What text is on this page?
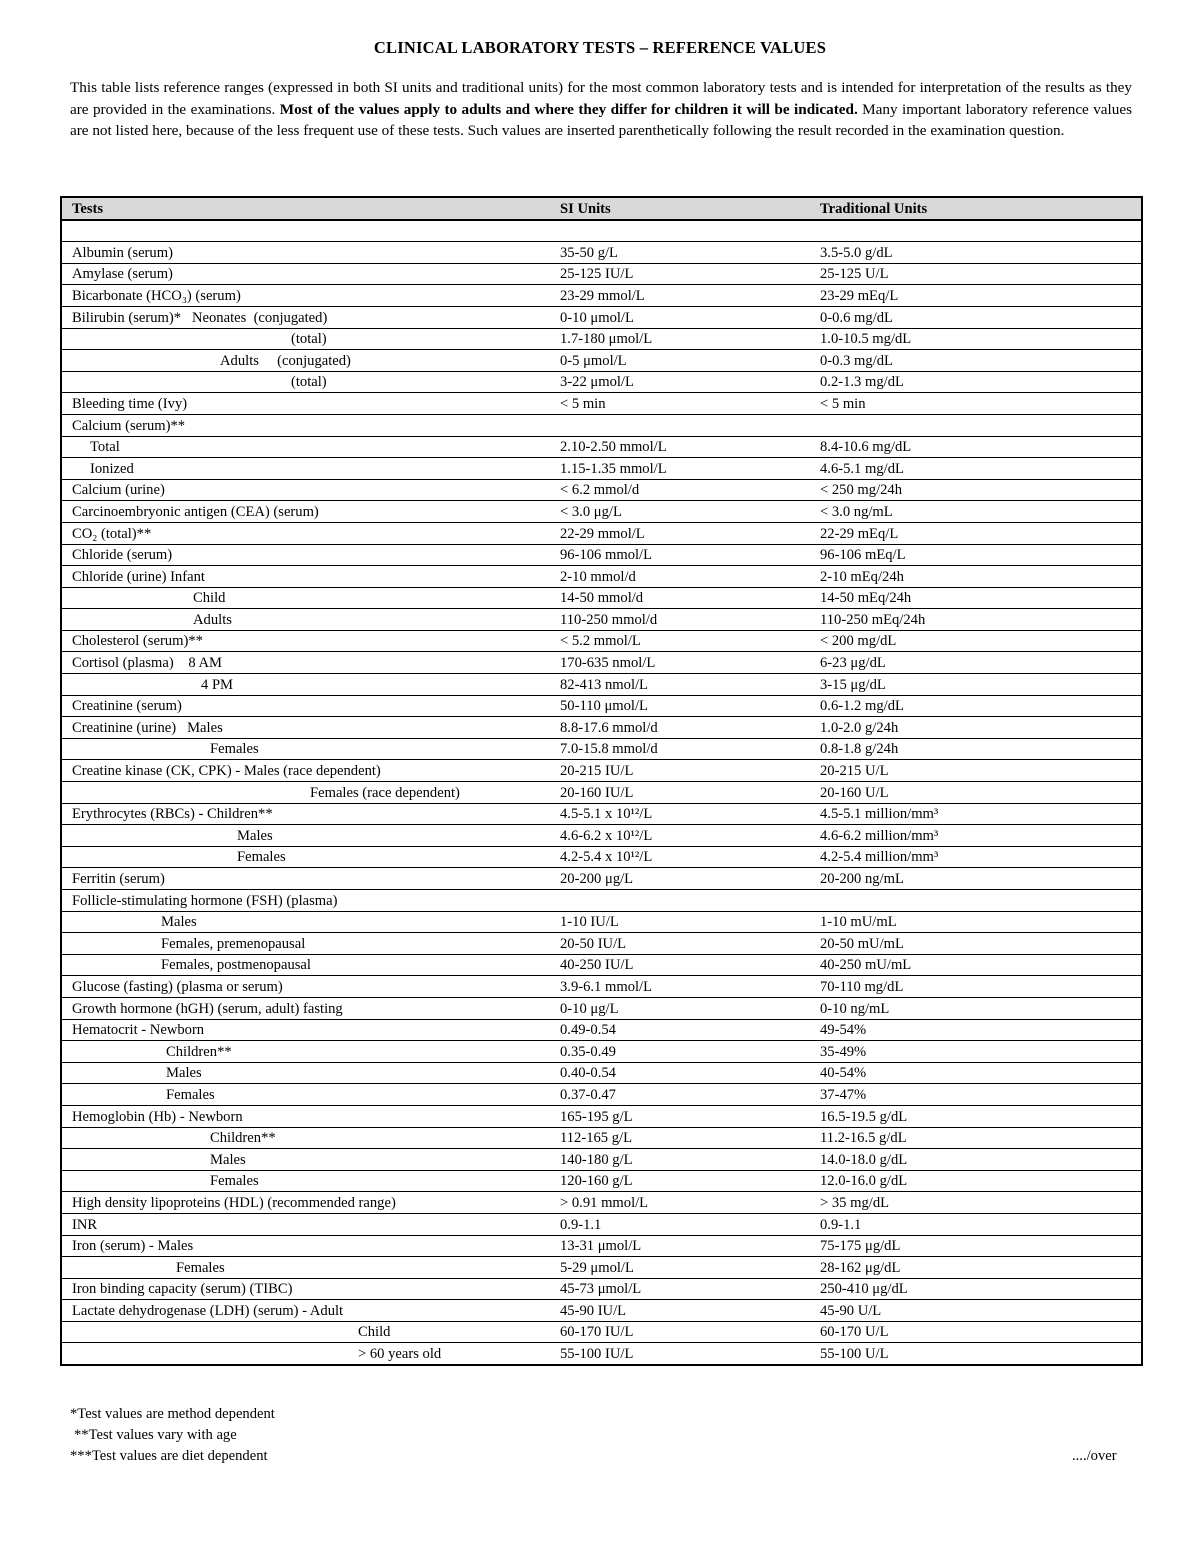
CLINICAL LABORATORY TESTS – REFERENCE VALUES

This table lists reference ranges (expressed in both SI units and traditional units) for the most common laboratory tests and is intended for interpretation of the results as they are provided in the examinations. Most of the values apply to adults and where they differ for children it will be indicated. Many important laboratory reference values are not listed here, because of the less frequent use of these tests. Such values are inserted parenthetically following the result recorded in the examination question.

Tests	SI Units	Traditional Units

Albumin (serum)	35-50 g/L	3.5-5.0 g/dL
Amylase (serum)	25-125 IU/L	25-125 U/L
Bicarbonate (HCO₃) (serum)	23-29 mmol/L	23-29 mEq/L
Bilirubin (serum)*   Neonates  (conjugated)	0-10 μmol/L	0-0.6 mg/dL
(total)	1.7-180 μmol/L	1.0-10.5 mg/dL
Adults     (conjugated)	0-5 μmol/L	0-0.3 mg/dL
(total)	3-22 μmol/L	0.2-1.3 mg/dL
Bleeding time (Ivy)	< 5 min	< 5 min
Calcium (serum)**		
Total	2.10-2.50 mmol/L	8.4-10.6 mg/dL
Ionized	1.15-1.35 mmol/L	4.6-5.1 mg/dL
Calcium (urine)	< 6.2 mmol/d	< 250 mg/24h
Carcinoembryonic antigen (CEA) (serum)	< 3.0 μg/L	< 3.0 ng/mL
CO₂ (total)**	22-29 mmol/L	22-29 mEq/L
Chloride (serum)	96-106 mmol/L	96-106 mEq/L
Chloride (urine) Infant	2-10 mmol/d	2-10 mEq/24h
Child	14-50 mmol/d	14-50 mEq/24h
Adults	110-250 mmol/d	110-250 mEq/24h
Cholesterol (serum)**	< 5.2 mmol/L	< 200 mg/dL
Cortisol (plasma)    8 AM	170-635 nmol/L	6-23 μg/dL
4 PM	82-413 nmol/L	3-15 μg/dL
Creatinine (serum)	50-110 μmol/L	0.6-1.2 mg/dL
Creatinine (urine)   Males	8.8-17.6 mmol/d	1.0-2.0 g/24h
Females	7.0-15.8 mmol/d	0.8-1.8 g/24h
Creatine kinase (CK, CPK) - Males (race dependent)	20-215 IU/L	20-215 U/L
Females (race dependent)	20-160 IU/L	20-160 U/L
Erythrocytes (RBCs) - Children**	4.5-5.1 x 10¹²/L	4.5-5.1 million/mm³
Males	4.6-6.2 x 10¹²/L	4.6-6.2 million/mm³
Females	4.2-5.4 x 10¹²/L	4.2-5.4 million/mm³
Ferritin (serum)	20-200 μg/L	20-200 ng/mL
Follicle-stimulating hormone (FSH) (plasma)		
Males	1-10 IU/L	1-10 mU/mL
Females, premenopausal	20-50 IU/L	20-50 mU/mL
Females, postmenopausal	40-250 IU/L	40-250 mU/mL
Glucose (fasting) (plasma or serum)	3.9-6.1 mmol/L	70-110 mg/dL
Growth hormone (hGH) (serum, adult) fasting	0-10 μg/L	0-10 ng/mL
Hematocrit - Newborn	0.49-0.54	49-54%
Children**	0.35-0.49	35-49%
Males	0.40-0.54	40-54%
Females	0.37-0.47	37-47%
Hemoglobin (Hb) - Newborn	165-195 g/L	16.5-19.5 g/dL
Children**	112-165 g/L	11.2-16.5 g/dL
Males	140-180 g/L	14.0-18.0 g/dL
Females	120-160 g/L	12.0-16.0 g/dL
High density lipoproteins (HDL) (recommended range)	> 0.91 mmol/L	> 35 mg/dL
INR	0.9-1.1	0.9-1.1
Iron (serum) - Males	13-31 μmol/L	75-175 μg/dL
Females	5-29 μmol/L	28-162 μg/dL
Iron binding capacity (serum) (TIBC)	45-73 μmol/L	250-410 μg/dL
Lactate dehydrogenase (LDH) (serum) - Adult	45-90 IU/L	45-90 U/L
Child	60-170 IU/L	60-170 U/L
> 60 years old	55-100 IU/L	55-100 U/L
*Test values are method dependent
**Test values vary with age
***Test values are diet dependent	..../over
